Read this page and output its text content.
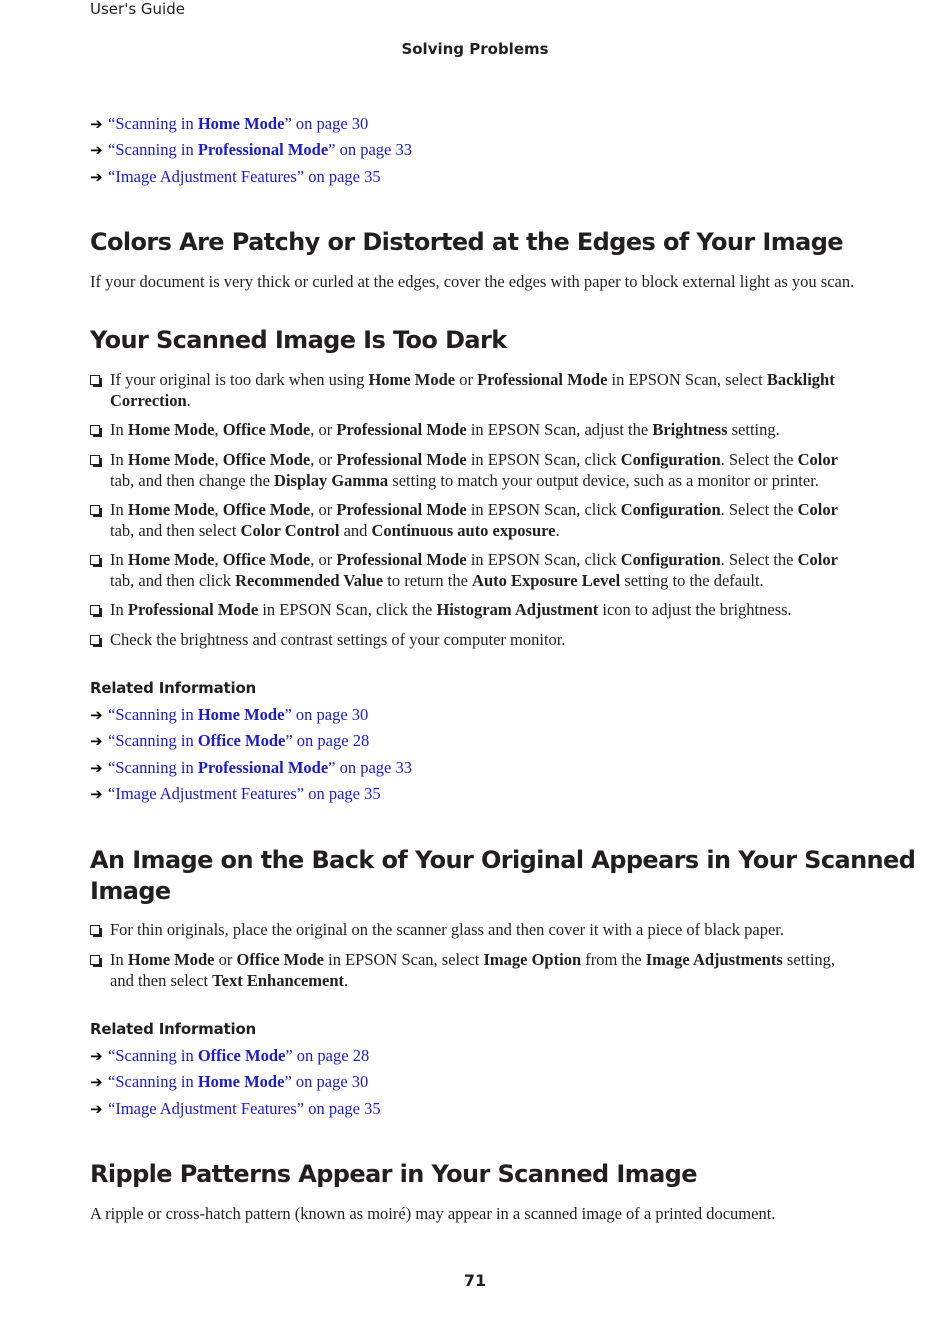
User's Guide
Solving Problems
➔ “Scanning in Home Mode” on page 30
➔ “Scanning in Professional Mode” on page 33
➔ “Image Adjustment Features” on page 35
Colors Are Patchy or Distorted at the Edges of Your Image

If your document is very thick or curled at the edges, cover the edges with paper to block external light as you scan.

Your Scanned Image Is Too Dark
If your original is too dark when using Home Mode or Professional Mode in EPSON Scan, select Backlight Correction.
In Home Mode, Office Mode, or Professional Mode in EPSON Scan, adjust the Brightness setting.
In Home Mode, Office Mode, or Professional Mode in EPSON Scan, click Configuration. Select the Color tab, and then change the Display Gamma setting to match your output device, such as a monitor or printer.
In Home Mode, Office Mode, or Professional Mode in EPSON Scan, click Configuration. Select the Color tab, and then select Color Control and Continuous auto exposure.
In Home Mode, Office Mode, or Professional Mode in EPSON Scan, click Configuration. Select the Color tab, and then click Recommended Value to return the Auto Exposure Level setting to the default.
In Professional Mode in EPSON Scan, click the Histogram Adjustment icon to adjust the brightness.
Check the brightness and contrast settings of your computer monitor.
Related Information
➔ “Scanning in Home Mode” on page 30
➔ “Scanning in Office Mode” on page 28
➔ “Scanning in Professional Mode” on page 33
➔ “Image Adjustment Features” on page 35
An Image on the Back of Your Original Appears in Your Scanned Image
For thin originals, place the original on the scanner glass and then cover it with a piece of black paper.
In Home Mode or Office Mode in EPSON Scan, select Image Option from the Image Adjustments setting, and then select Text Enhancement.
Related Information
➔ “Scanning in Office Mode” on page 28
➔ “Scanning in Home Mode” on page 30
➔ “Image Adjustment Features” on page 35
Ripple Patterns Appear in Your Scanned Image

A ripple or cross-hatch pattern (known as moiré) may appear in a scanned image of a printed document.

71
